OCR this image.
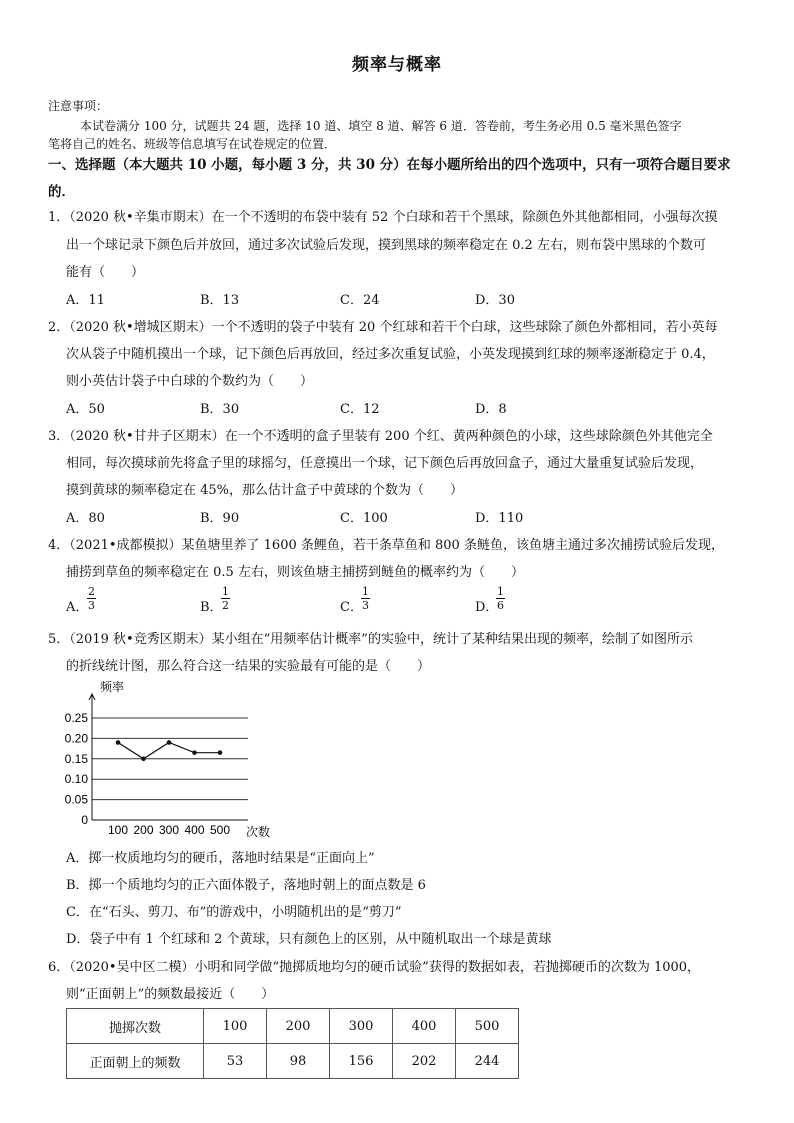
频率与概率
注意事项：
本试卷满分 100 分，试题共 24 题，选择 10 道、填空 8 道、解答 6 道．答卷前，考生务必用 0.5 毫米黑色签字
笔将自己的姓名、班级等信息填写在试卷规定的位置．
一、选择题（本大题共 10 小题，每小题 3 分，共 30 分）在每小题所给出的四个选项中，只有一项符合题目要求
的．
1．（2020 秋•辛集市期末）在一个不透明的布袋中装有 52 个白球和若干个黑球，除颜色外其他都相同，小强每次摸
出一个球记录下颜色后并放回，通过多次试验后发现，摸到黑球的频率稳定在 0.2 左右，则布袋中黑球的个数可
能有（　　）
A．11	B．13	C．24	D．30
2．（2020 秋•增城区期末）一个不透明的袋子中装有 20 个红球和若干个白球，这些球除了颜色外都相同，若小英每
次从袋子中随机摸出一个球，记下颜色后再放回，经过多次重复试验，小英发现摸到红球的频率逐渐稳定于 0.4，
则小英估计袋子中白球的个数约为（　　）
A．50	B．30	C．12	D．8
3．（2020 秋•甘井子区期末）在一个不透明的盒子里装有 200 个红、黄两种颜色的小球，这些球除颜色外其他完全
相同，每次摸球前先将盒子里的球摇匀，任意摸出一个球，记下颜色后再放回盒子，通过大量重复试验后发现，
摸到黄球的频率稳定在 45%，那么估计盒子中黄球的个数为（　　）
A．80	B．90	C．100	D．110
4．（2021•成都模拟）某鱼塘里养了 1600 条鲤鱼，若干条草鱼和 800 条鲢鱼，该鱼塘主通过多次捕捞试验后发现，
捕捞到草鱼的频率稳定在 0.5 左右，则该鱼塘主捕捞到鲢鱼的概率约为（　　）
A．
$\frac{2}{3}$	B．
$\frac{1}{2}$	C．
$\frac{1}{3}$	D．
$\frac{1}{6}$
5．（2019 秋•竞秀区期末）某小组在“用频率估计概率”的实验中，统计了某种结果出现的频率，绘制了如图所示
的折线统计图，那么符合这一结果的实验最有可能的是（　　）
0.25
0.20
0.15
0.10
0.05
0
100 200 300 400 500
频率
次数
A．掷一枚质地均匀的硬币，落地时结果是“正面向上”
B．掷一个质地均匀的正六面体骰子，落地时朝上的面点数是 6
C．在“石头、剪刀、布”的游戏中，小明随机出的是“剪刀”
D．袋子中有 1 个红球和 2 个黄球，只有颜色上的区别，从中随机取出一个球是黄球
6．（2020•吴中区二模）小明和同学做“抛掷质地均匀的硬币试验”获得的数据如表，若抛掷硬币的次数为 1000，
则“正面朝上”的频数最接近（　　）
抛掷次数	100	200	300	400	500
正面朝上的频数	53	98	156	202	244
